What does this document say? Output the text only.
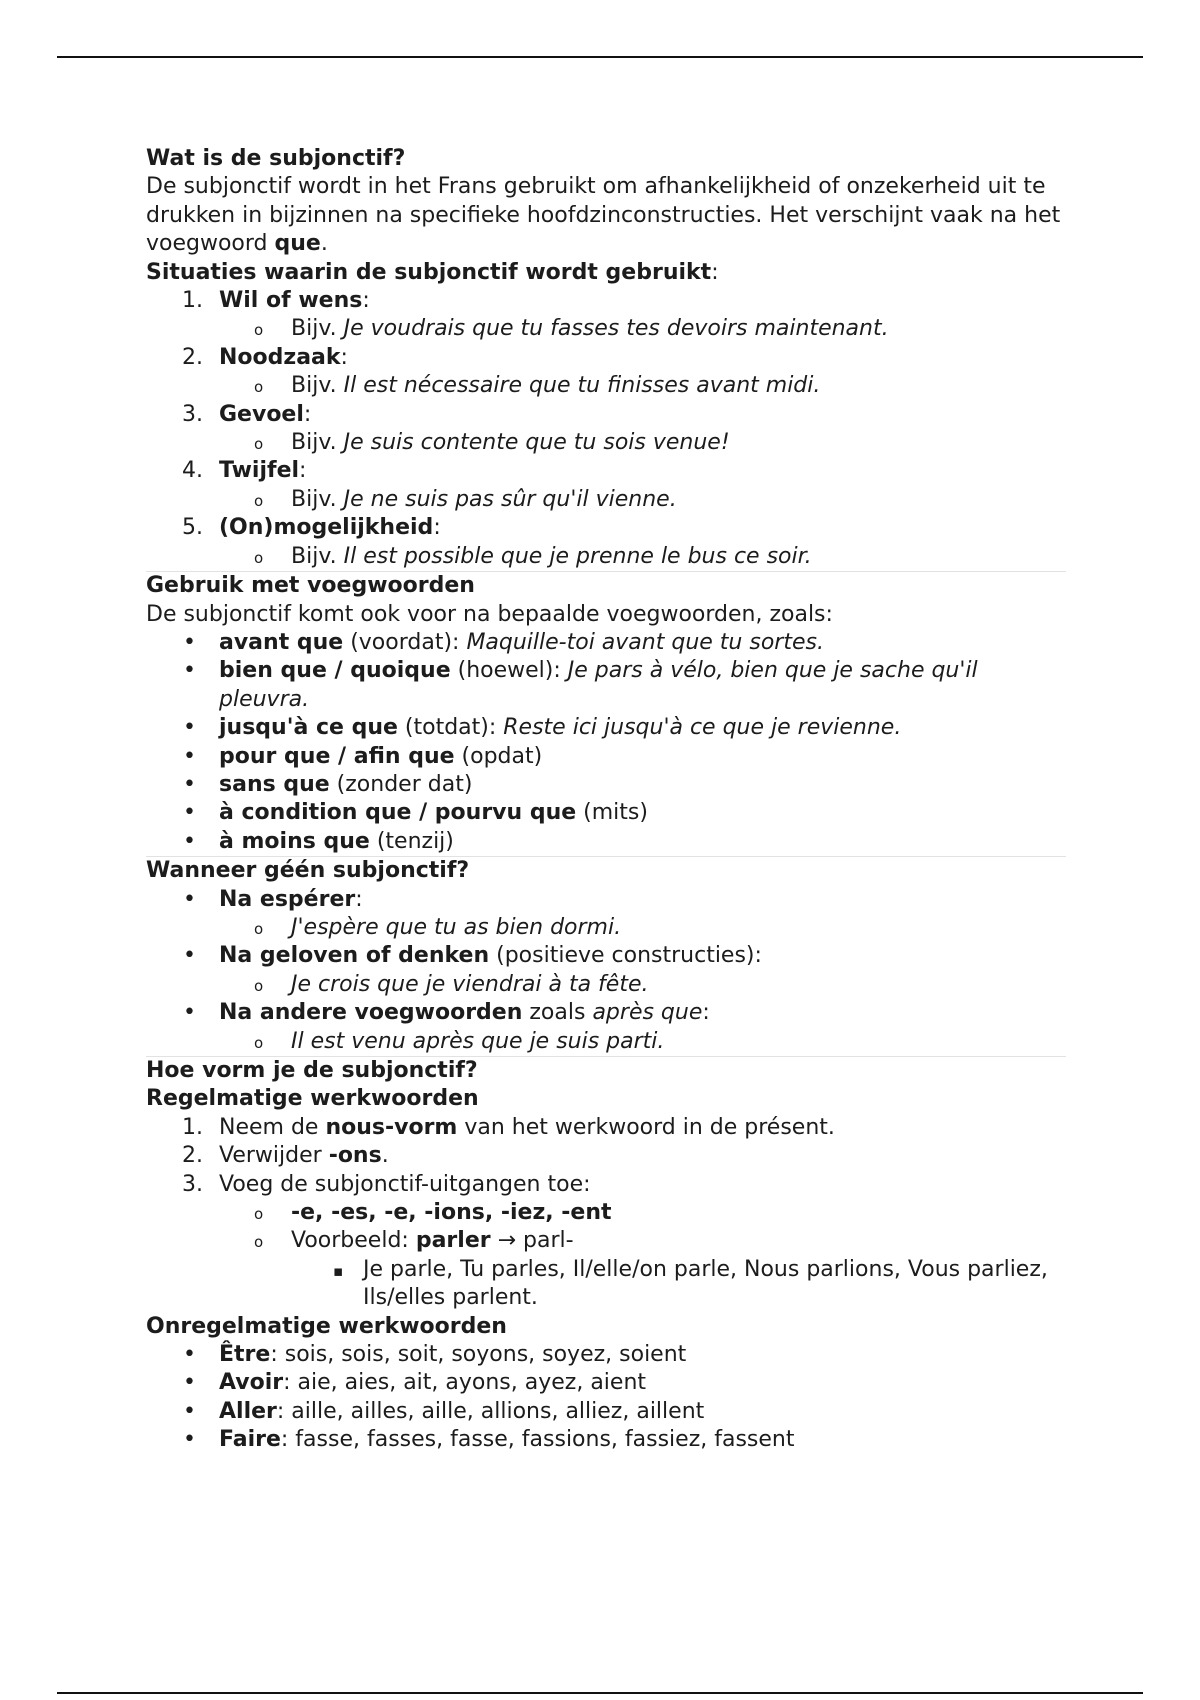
Wat is de subjonctif?

De subjonctif wordt in het Frans gebruikt om afhankelijkheid of onzekerheid uit te drukken in bijzinnen na specifieke hoofdzinconstructies. Het verschijnt vaak na het voegwoord que.

Situaties waarin de subjonctif wordt gebruikt:
1. Wil of wens:
o Bijv. Je voudrais que tu fasses tes devoirs maintenant.
2. Noodzaak:
o Bijv. Il est nécessaire que tu finisses avant midi.
3. Gevoel:
o Bijv. Je suis contente que tu sois venue!
4. Twijfel:
o Bijv. Je ne suis pas sûr qu'il vienne.
5. (On)mogelijkheid:
o Bijv. Il est possible que je prenne le bus ce soir.
Gebruik met voegwoorden

De subjonctif komt ook voor na bepaalde voegwoorden, zoals:

• avant que (voordat): Maquille-toi avant que tu sortes.
• bien que / quoique (hoewel): Je pars à vélo, bien que je sache qu'il pleuvra.
• jusqu'à ce que (totdat): Reste ici jusqu'à ce que je revienne.
• pour que / afin que (opdat)
• sans que (zonder dat)
• à condition que / pourvu que (mits)
• à moins que (tenzij)
Wanneer géén subjonctif?
• Na espérer:
o J'espère que tu as bien dormi.
• Na geloven of denken (positieve constructies):
o Je crois que je viendrai à ta fête.
• Na andere voegwoorden zoals après que:
o Il est venu après que je suis parti.
Hoe vorm je de subjonctif?
Regelmatige werkwoorden
1. Neem de nous-vorm van het werkwoord in de présent.
2. Verwijder -ons.
3. Voeg de subjonctif-uitgangen toe:
o -e, -es, -e, -ions, -iez, -ent
o Voorbeeld: parler → parl-
▪ Je parle, Tu parles, Il/elle/on parle, Nous parlions, Vous parliez, Ils/elles parlent.
Onregelmatige werkwoorden
• Être: sois, sois, soit, soyons, soyez, soient
• Avoir: aie, aies, ait, ayons, ayez, aient
• Aller: aille, ailles, aille, allions, alliez, aillent
• Faire: fasse, fasses, fasse, fassions, fassiez, fassent
